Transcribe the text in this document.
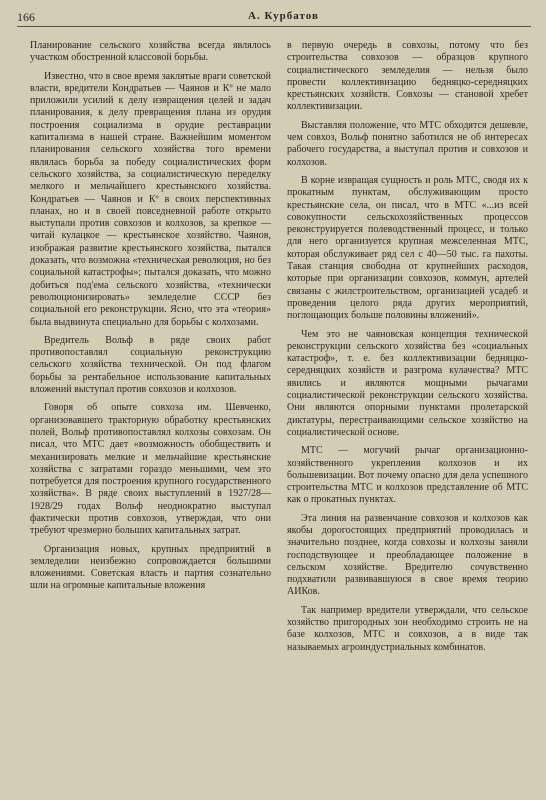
166	А. Курбатов

Планирование сельского хозяйства всегда являлось участком обостренной классовой борьбы.

Известно, что в свое время заклятые враги советской власти, вредители Кондратьев — Чаянов и Кº не мало приложили усилий к делу извращения целей и задач планирования, к делу превращения плана из орудия построения социализма в орудие реставрации капитализма в нашей стране. Важнейшим моментом планирования сельского хозяйства того времени являлась борьба за победу социалистических форм сельского хозяйства, за социалистическую переделку мелкого и мельчайшего крестьянского хозяйства. Кондратьев — Чаянов и Кº в своих перспективных планах, но и в своей повседневной работе открыто выступали против совхозов и колхозов, за крепкое — читай кулацкое — крестьянское хозяйство. Чаянов, изображая развитие крестьянского хозяйства, пытался доказать, что возможна «техническая революция, но без социальной катастрофы»; пытался доказать, что можно добиться под'ема сельского хозяйства, «технически революционизировать» земледелие СССР без социальной его реконструкции. Ясно, что эта «теория» была выдвинута специально для борьбы с колхозами.

Вредитель Вольф в ряде своих работ противопоставлял социальную реконструкцию сельского хозяйства технической. Он под флагом борьбы за рентабельное использование капитальных вложений выступал против совхозов и колхозов.

Говоря об опыте совхоза им. Шевченко, организовавшего тракторную обработку крестьянских полей, Вольф противопоставлял колхозы совхозам. Он писал, что МТС дает «возможность обобществить и механизировать мелкие и мельчайшие крестьянские хозяйства с затратами гораздо меньшими, чем это потребуется для построения крупного государственного хозяйства». В ряде своих выступлений в 1927/28—1928/29 годах Вольф неоднократно выступал фактически против совхозов, утверждая, что они требуют чрезмерно больших капитальных затрат.

Организация новых, крупных предприятий в земледелии неизбежно сопровождается большими вложениями. Советская власть и партия сознательно шли на огромные капитальные вложения

в первую очередь в совхозы, потому что без строительства совхозов — образцов крупного социалистического земледелия — нельзя было провести коллективизацию бедняцко-середняцких крестьянских хозяйств. Совхозы — становой хребет коллективизации.

Выставляя положение, что МТС обходятся дешевле, чем совхоз, Вольф понятно заботился не об интересах рабочего государства, а выступал против и совхозов и колхозов.

В корне извращая сущность и роль МТС, сводя их к прокатным пунктам, обслуживающим просто крестьянские села, он писал, что в МТС «...из всей совокупности сельскохозяйственных процессов реконструируется полеводственный процесс, и только для него организуется крупная межселенная МТС, которая обслуживает ряд сел с 40—50 тыс. га пахоты. Такая станция свободна от крупнейших расходов, которые при организации совхозов, коммун, артелей связаны с жилстроительством, организацией усадеб и проведения целого ряда других мероприятий, поглощающих больше половины вложений».

Чем это не чаяновская концепция технической реконструкции сельского хозяйства без «социальных катастроф», т. е. без коллективизации бедняцко-середняцких хозяйств и разгрома кулачества? МТС явились и являются мощными рычагами социалистической реконструкции сельского хозяйства. Они являются опорными пунктами пролетарской диктатуры, перестраивающими сельское хозяйство на социалистической основе.

МТС — могучий рычаг организационно-хозяйственного укрепления колхозов и их большевизации. Вот почему опасно для дела успешного строительства МТС и колхозов представление об МТС как о прокатных пунктах.

Эта линия на развенчание совхозов и колхозов как якобы дорогостоящих предприятий проводилась и значительно позднее, когда совхозы и колхозы заняли господствующее и преобладающее положение в сельском хозяйстве. Вредителю сочувственно подхватили развивавшуюся в свое время теорию АИКов.

Так например вредители утверждали, что сельское хозяйство пригородных зон необходимо строить не на базе колхозов, МТС и совхозов, а в виде так называемых агроиндустриальных комбинатов.
